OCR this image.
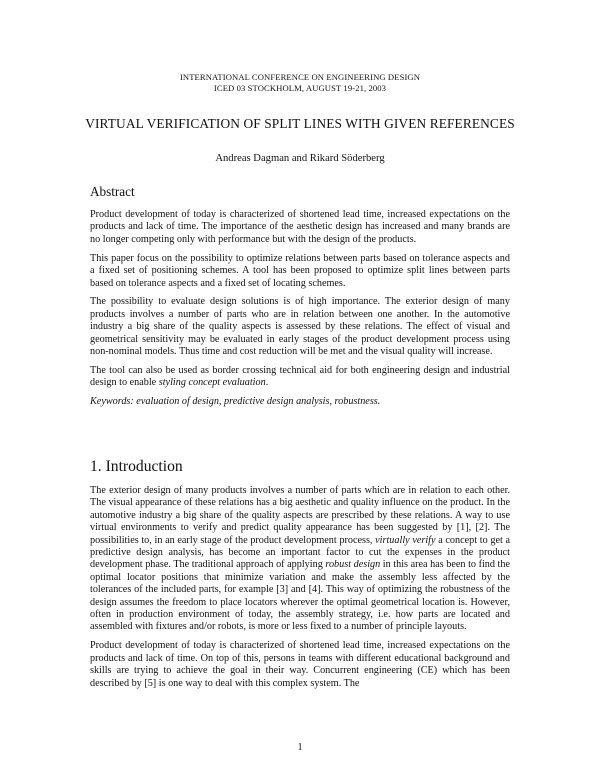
INTERNATIONAL CONFERENCE ON ENGINEERING DESIGN
ICED 03 STOCKHOLM, AUGUST 19-21, 2003
VIRTUAL VERIFICATION OF SPLIT LINES WITH GIVEN REFERENCES
Andreas Dagman and Rikard Söderberg
Abstract

Product development of today is characterized of shortened lead time, increased expectations on the products and lack of time. The importance of the aesthetic design has increased and many brands are no longer competing only with performance but with the design of the products.

This paper focus on the possibility to optimize relations between parts based on tolerance aspects and a fixed set of positioning schemes. A tool has been proposed to optimize split lines between parts based on tolerance aspects and a fixed set of locating schemes.

The possibility to evaluate design solutions is of high importance. The exterior design of many products involves a number of parts who are in relation between one another. In the automotive industry a big share of the quality aspects is assessed by these relations. The effect of visual and geometrical sensitivity may be evaluated in early stages of the product development process using non-nominal models. Thus time and cost reduction will be met and the visual quality will increase.

The tool can also be used as border crossing technical aid for both engineering design and industrial design to enable styling concept evaluation.

Keywords: evaluation of design, predictive design analysis, robustness.

1. Introduction

The exterior design of many products involves a number of parts which are in relation to each other. The visual appearance of these relations has a big aesthetic and quality influence on the product. In the automotive industry a big share of the quality aspects are prescribed by these relations. A way to use virtual environments to verify and predict quality appearance has been suggested by [1], [2]. The possibilities to, in an early stage of the product development process, virtually verify a concept to get a predictive design analysis, has become an important factor to cut the expenses in the product development phase. The traditional approach of applying robust design in this area has been to find the optimal locator positions that minimize variation and make the assembly less affected by the tolerances of the included parts, for example [3] and [4]. This way of optimizing the robustness of the design assumes the freedom to place locators wherever the optimal geometrical location is. However, often in production environment of today, the assembly strategy, i.e. how parts are located and assembled with fixtures and/or robots, is more or less fixed to a number of principle layouts.

Product development of today is characterized of shortened lead time, increased expectations on the products and lack of time. On top of this, persons in teams with different educational background and skills are trying to achieve the goal in their way. Concurrent engineering (CE) which has been described by [5] is one way to deal with this complex system. The

1
